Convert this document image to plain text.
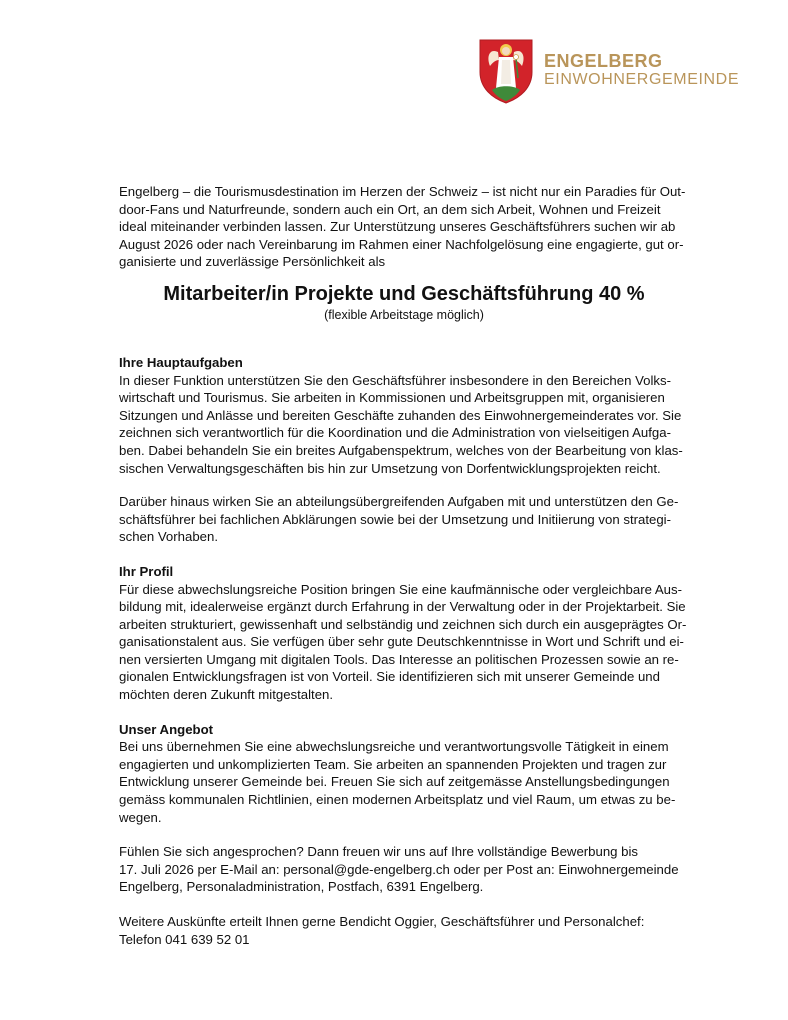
ENGELBERG
EINWOHNERGEMEINDE

Engelberg – die Tourismusdestination im Herzen der Schweiz – ist nicht nur ein Paradies für Out-
door-Fans und Naturfreunde, sondern auch ein Ort, an dem sich Arbeit, Wohnen und Freizeit
ideal miteinander verbinden lassen. Zur Unterstützung unseres Geschäftsführers suchen wir ab
August 2026 oder nach Vereinbarung im Rahmen einer Nachfolgelösung eine engagierte, gut or-
ganisierte und zuverlässige Persönlichkeit als

Mitarbeiter/in Projekte und Geschäftsführung 40 %

(flexible Arbeitstage möglich)

Ihre Hauptaufgaben

In dieser Funktion unterstützen Sie den Geschäftsführer insbesondere in den Bereichen Volks-
wirtschaft und Tourismus. Sie arbeiten in Kommissionen und Arbeitsgruppen mit, organisieren
Sitzungen und Anlässe und bereiten Geschäfte zuhanden des Einwohnergemeinderates vor. Sie
zeichnen sich verantwortlich für die Koordination und die Administration von vielseitigen Aufga-
ben. Dabei behandeln Sie ein breites Aufgabenspektrum, welches von der Bearbeitung von klas-
sischen Verwaltungsgeschäften bis hin zur Umsetzung von Dorfentwicklungsprojekten reicht.

Darüber hinaus wirken Sie an abteilungsübergreifenden Aufgaben mit und unterstützen den Ge-
schäftsführer bei fachlichen Abklärungen sowie bei der Umsetzung und Initiierung von strategi-
schen Vorhaben.

Ihr Profil

Für diese abwechslungsreiche Position bringen Sie eine kaufmännische oder vergleichbare Aus-
bildung mit, idealerweise ergänzt durch Erfahrung in der Verwaltung oder in der Projektarbeit. Sie
arbeiten strukturiert, gewissenhaft und selbständig und zeichnen sich durch ein ausgeprägtes Or-
ganisationstalent aus. Sie verfügen über sehr gute Deutschkenntnisse in Wort und Schrift und ei-
nen versierten Umgang mit digitalen Tools. Das Interesse an politischen Prozessen sowie an re-
gionalen Entwicklungsfragen ist von Vorteil. Sie identifizieren sich mit unserer Gemeinde und
möchten deren Zukunft mitgestalten.

Unser Angebot

Bei uns übernehmen Sie eine abwechslungsreiche und verantwortungsvolle Tätigkeit in einem
engagierten und unkomplizierten Team. Sie arbeiten an spannenden Projekten und tragen zur
Entwicklung unserer Gemeinde bei. Freuen Sie sich auf zeitgemässe Anstellungsbedingungen
gemäss kommunalen Richtlinien, einen modernen Arbeitsplatz und viel Raum, um etwas zu be-
wegen.

Fühlen Sie sich angesprochen? Dann freuen wir uns auf Ihre vollständige Bewerbung bis
17. Juli 2026 per E-Mail an: personal@gde-engelberg.ch oder per Post an: Einwohnergemeinde
Engelberg, Personaladministration, Postfach, 6391 Engelberg.

Weitere Auskünfte erteilt Ihnen gerne Bendicht Oggier, Geschäftsführer und Personalchef:
Telefon 041 639 52 01
